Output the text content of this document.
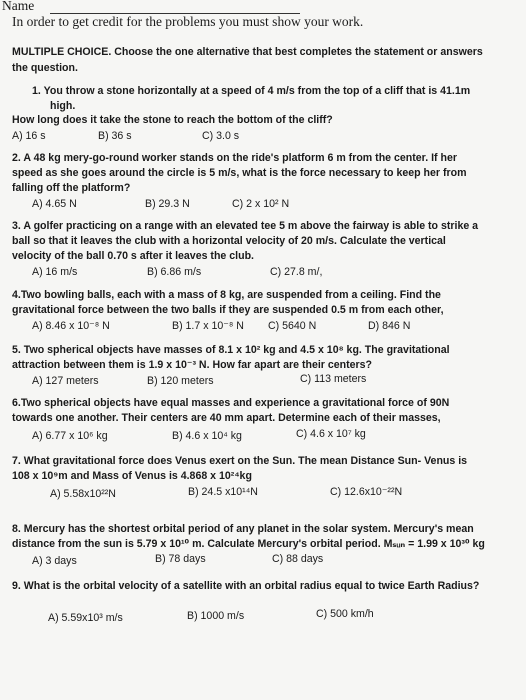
Name
In order to get credit for the problems you must show your work.
MULTIPLE CHOICE. Choose the one alternative that best completes the statement or answers
the question.
1. You throw a stone horizontally at a speed of 4 m/s from the top of a cliff that is 41.1m
high.
How long does it take the stone to reach the bottom of the cliff?
A) 16 s	B) 36 s	C) 3.0 s
2. A 48 kg mery-go-round worker stands on the ride's platform 6 m from the center. If her
speed as she goes around the circle is 5 m/s, what is the force necessary to keep her from
falling off the platform?
A) 4.65 N	B) 29.3 N	C) 2 x 10² N
3. A golfer practicing on a range with an elevated tee 5 m above the fairway is able to strike a
ball so that it leaves the club with a horizontal velocity of 20 m/s. Calculate the vertical
velocity of the ball 0.70 s after it leaves the club.
A) 16 m/s	B) 6.86 m/s	C) 27.8 m/,
4.Two bowling balls, each with a mass of 8 kg, are suspended from a ceiling. Find the
gravitational force between the two balls if they are suspended 0.5 m from each other,
A) 8.46 x 10⁻⁸ N	B) 1.7 x 10⁻⁸ N C) 5640 N	D) 846 N
5. Two spherical objects have masses of 8.1 x 10² kg and 4.5 x 10⁸ kg. The gravitational
attraction between them is 1.9 x 10⁻³ N. How far apart are their centers?
A) 127 meters	B) 120 meters	C) 113 meters
6.Two spherical objects have equal masses and experience a gravitational force of 90N
towards one another. Their centers are 40 mm apart. Determine each of their masses,
A) 6.77 x 10⁶ kg	B) 4.6 x 10⁴ kg	C) 4.6 x 10⁷ kg
7. What gravitational force does Venus exert on the Sun. The mean Distance Sun- Venus is
108 x 10⁹m and Mass of Venus is 4.868 x 10²⁴kg
A) 5.58x10²²N	B) 24.5 x10¹⁴N	C) 12.6x10⁻²²N
8. Mercury has the shortest orbital period of any planet in the solar system. Mercury's mean
distance from the sun is 5.79 x 10¹⁰ m. Calculate Mercury's orbital period. Mₛᵤₙ = 1.99 x 10³⁰ kg
A) 3 days	B) 78 days	C) 88 days
9. What is the orbital velocity of a satellite with an orbital radius equal to twice Earth Radius?
A) 5.59x10³ m/s	B) 1000 m/s	C) 500 km/h
